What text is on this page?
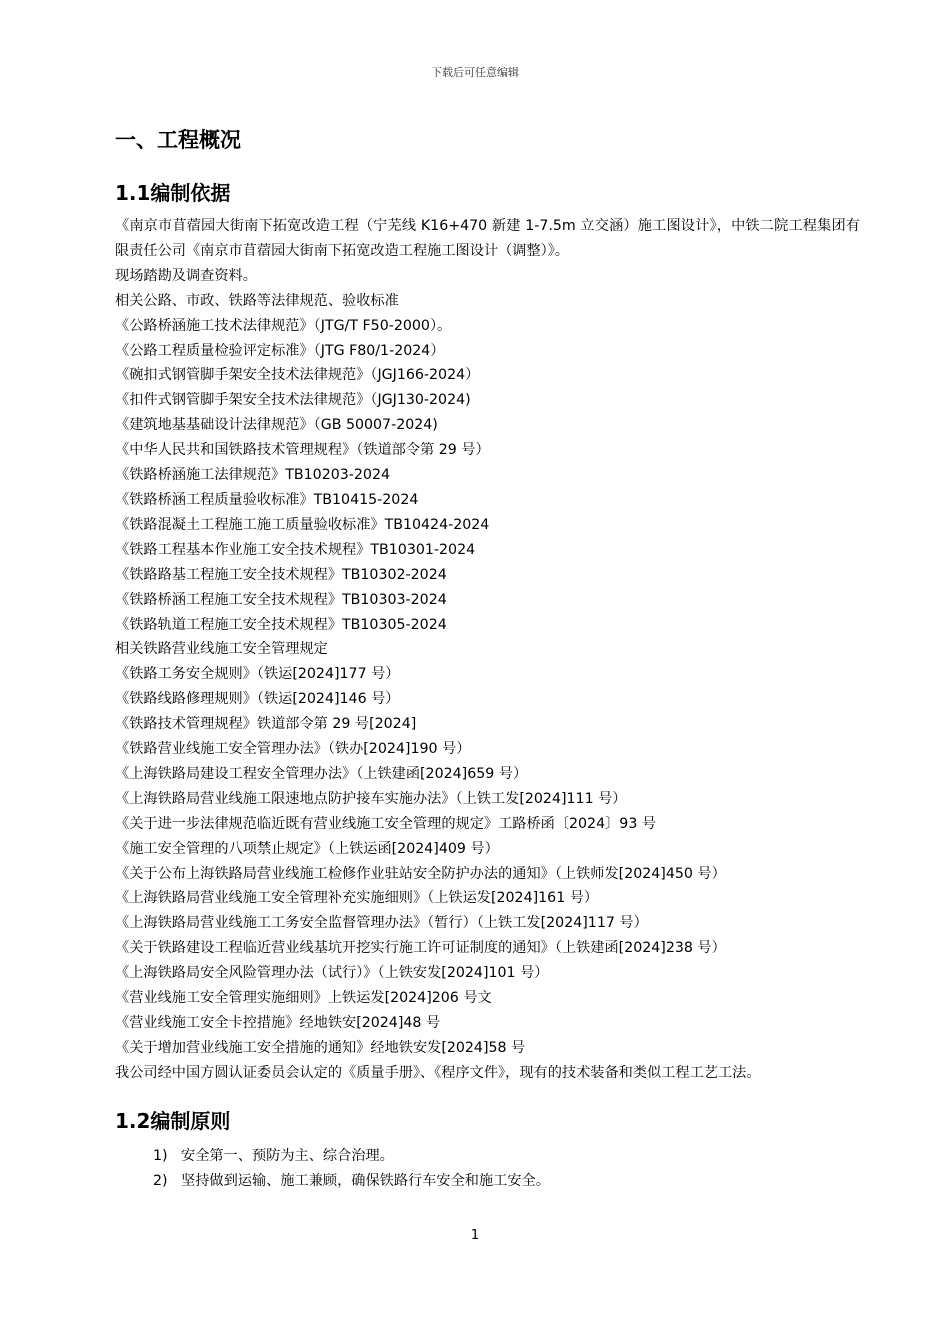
下载后可任意编辑
一、工程概况
1.1编制依据
《南京市苜蓿园大街南下拓宽改造工程（宁芜线 K16+470 新建 1-7.5m 立交涵）施工图设计》，中铁二院工程集团有限责任公司《南京市苜蓿园大街南下拓宽改造工程施工图设计（调整）》。
现场踏勘及调查资料。
相关公路、市政、铁路等法律规范、验收标准
《公路桥涵施工技术法律规范》（JTG/T F50-2000）。
《公路工程质量检验评定标准》（JTG F80/1-2024）
《碗扣式钢管脚手架安全技术法律规范》（JGJ166-2024）
《扣件式钢管脚手架安全技术法律规范》（JGJ130-2024)
《建筑地基基础设计法律规范》（GB 50007-2024)
《中华人民共和国铁路技术管理规程》（铁道部令第 29 号）
《铁路桥涵施工法律规范》TB10203-2024
《铁路桥涵工程质量验收标准》TB10415-2024
《铁路混凝土工程施工施工质量验收标准》TB10424-2024
《铁路工程基本作业施工安全技术规程》TB10301-2024
《铁路路基工程施工安全技术规程》TB10302-2024
《铁路桥涵工程施工安全技术规程》TB10303-2024
《铁路轨道工程施工安全技术规程》TB10305-2024
相关铁路营业线施工安全管理规定
《铁路工务安全规则》（铁运[2024]177 号）
《铁路线路修理规则》（铁运[2024]146 号）
《铁路技术管理规程》铁道部令第 29 号[2024]
《铁路营业线施工安全管理办法》（铁办[2024]190 号）
《上海铁路局建设工程安全管理办法》（上铁建函[2024]659 号）
《上海铁路局营业线施工限速地点防护接车实施办法》（上铁工发[2024]111 号）
《关于进一步法律规范临近既有营业线施工安全管理的规定》工路桥函〔2024〕93 号
《施工安全管理的八项禁止规定》（上铁运函[2024]409 号）
《关于公布上海铁路局营业线施工检修作业驻站安全防护办法的通知》（上铁师发[2024]450 号）
《上海铁路局营业线施工安全管理补充实施细则》（上铁运发[2024]161 号）
《上海铁路局营业线施工工务安全监督管理办法》（暂行）（上铁工发[2024]117 号）
《关于铁路建设工程临近营业线基坑开挖实行施工许可证制度的通知》（上铁建函[2024]238 号）
《上海铁路局安全风险管理办法（试行）》（上铁安发[2024]101 号）
《营业线施工安全管理实施细则》上铁运发[2024]206 号文
《营业线施工安全卡控措施》经地铁安[2024]48 号
《关于增加营业线施工安全措施的通知》经地铁安发[2024]58 号
我公司经中国方圆认证委员会认定的《质量手册》、《程序文件》，现有的技术装备和类似工程工艺工法。
1.2编制原则
1) 安全第一、预防为主、综合治理。
2) 坚持做到运输、施工兼顾，确保铁路行车安全和施工安全。
1
